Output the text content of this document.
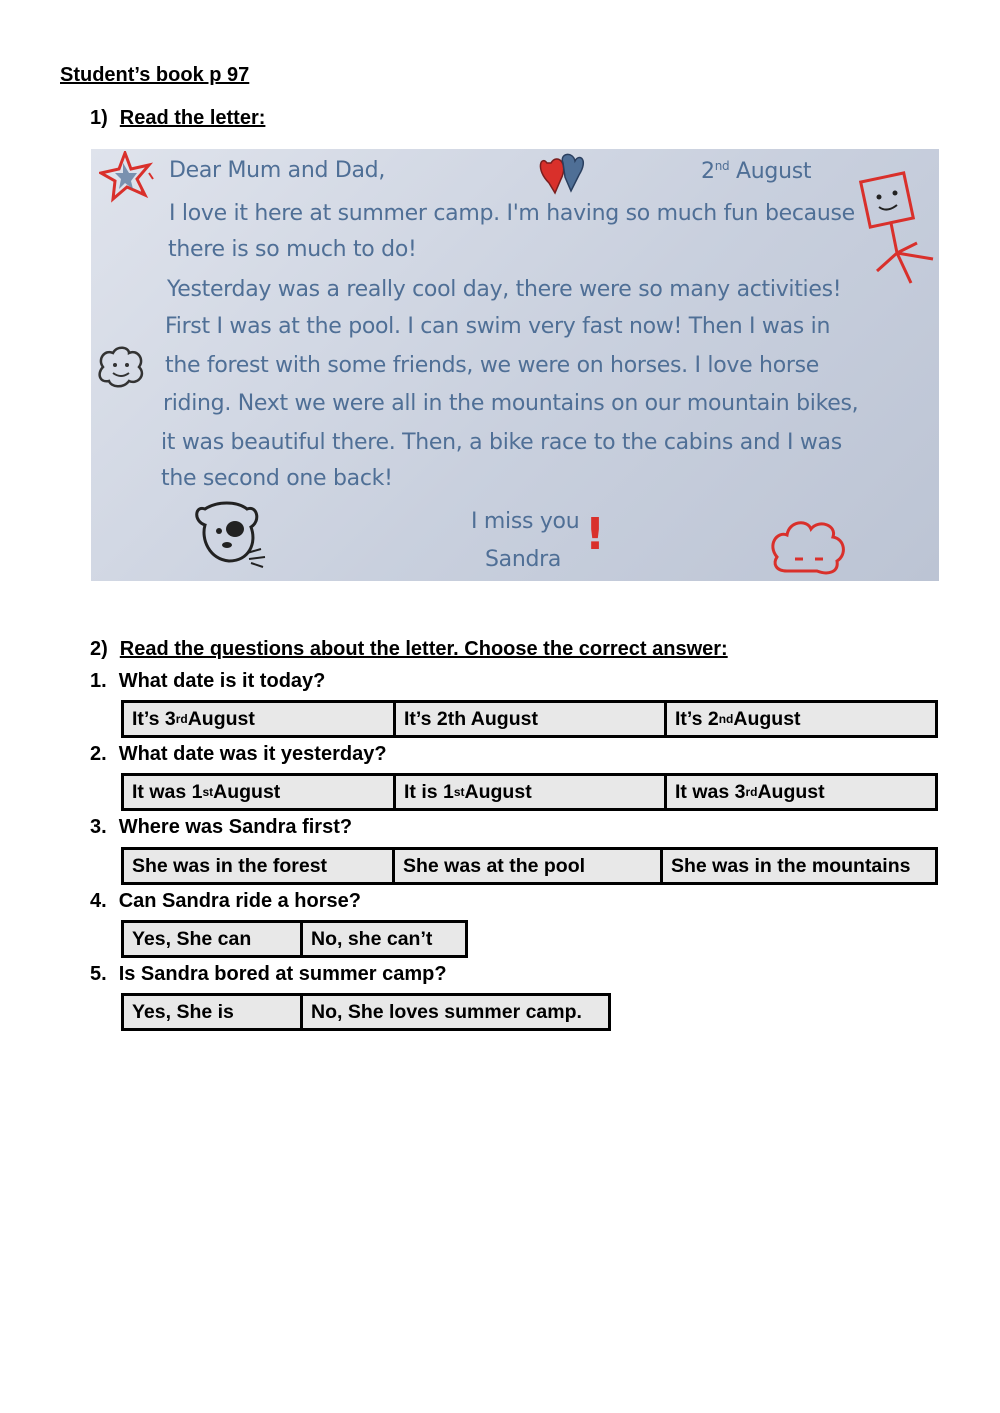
Student’s book p 97
1) Read the letter:
Dear Mum and Dad,	2nd August
I love it here at summer camp. I'm having so much fun because
there is so much to do!
Yesterday was a really cool day, there were so many activities!
First I was at the pool. I can swim very fast now! Then I was in
the forest with some friends, we were on horses. I love horse
riding. Next we were all in the mountains on our mountain bikes,
it was beautiful there. Then, a bike race to the cabins and I was
the second one back!
I miss you
Sandra !
2) Read the questions about the letter. Choose the correct answer:
1. What date is it today?
It’s 3 rd August	It’s 2th August	It’s 2 nd August
2. What date was it yesterday?
It was 1 st August	It is 1 st August	It was 3 rd August
3. Where was Sandra first?
She was in the forest	She was at the pool	She was in the mountains
4. Can Sandra ride a horse?
Yes, She can	No, she can’t
5. Is Sandra bored at summer camp?
Yes, She is	No, She loves summer camp.
